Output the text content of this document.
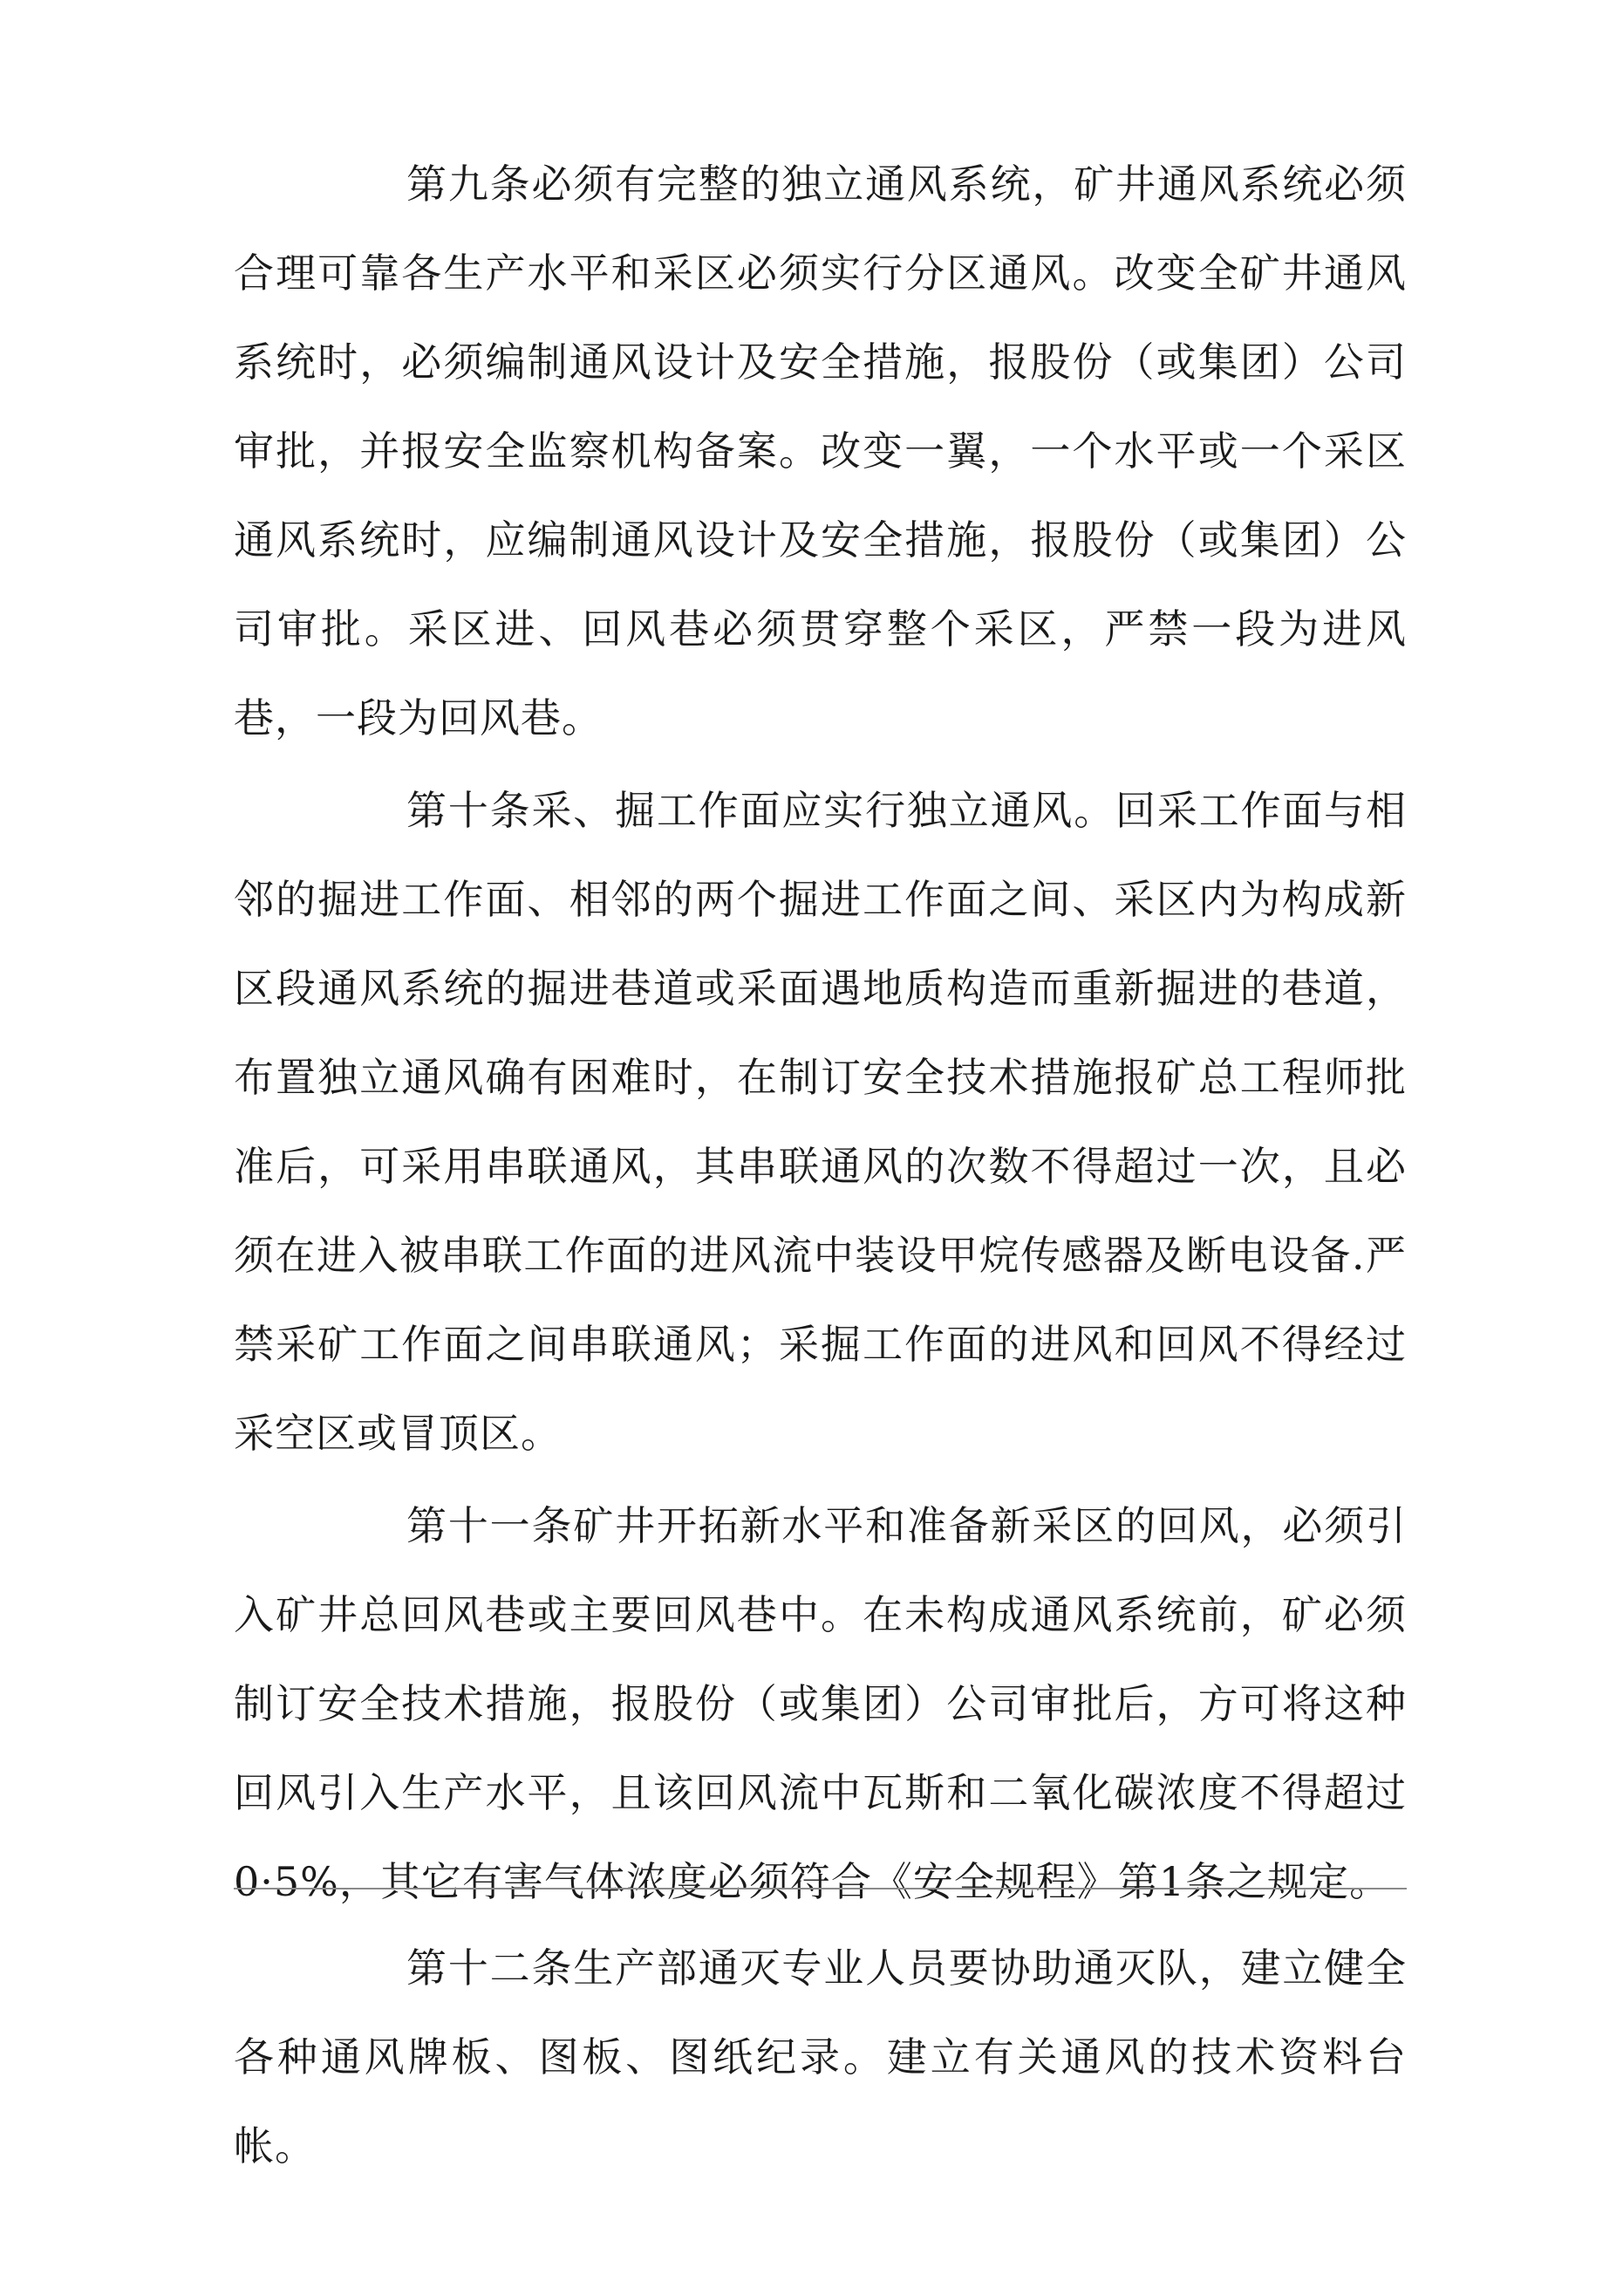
第九条必须有完整的独立通风系统，矿井通风系统必须合理可靠各生产水平和采区必须实行分区通风。改变全矿井通风系统时，必须编制通风设计及安全措施，报股份（或集团）公司审批，并报安全监察机构备案。改变一翼，一个水平或一个采区通风系统时，应编制通风设计及安全措施，报股份（或集团）公司审批。采区进、回风巷必须贯穿整个采区，严禁一段为进风巷，一段为回风巷。

第十条采、掘工作面应实行独立通风。回采工作面与相邻的掘进工作面、相邻的两个掘进工作面之间、采区内为构成新区段通风系统的掘进巷道或采面遇地质构造而重新掘进的巷道，布置独立通风确有困难时，在制订安全技术措施报矿总工程师批准后，可采用串联通风，其串联通风的次数不得超过一次，且必须在进入被串联工作面的进风流中装设甲烷传感器及断电设备.严禁采矿工作面之间串联通风；采掘工作面的进风和回风不得经过采空区或冒顶区。

第十一条矿井开拓新水平和准备新采区的回风，必须引入矿井总回风巷或主要回风巷中。在未构成通风系统前，矿必须制订安全技术措施，报股份（或集团）公司审批后，方可将这种回风引入生产水平，且该回风流中瓦斯和二氧化碳浓度不得超过0·5%，其它有害气体浓度必须符合《安全规程》第1条之规定。

第十二条生产部通灭专业人员要协助通灭队，建立健全各种通风牌板、图板、图纸纪录。建立有关通风的技术资料台帐。
